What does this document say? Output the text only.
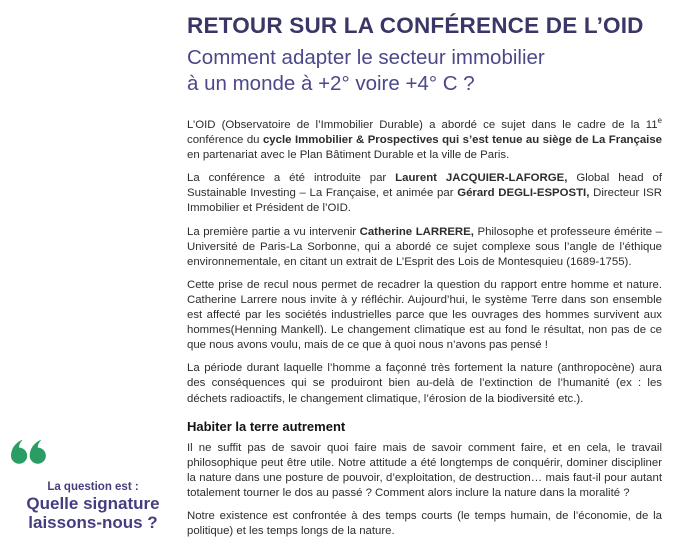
RETOUR SUR LA CONFÉRENCE DE L’OID
Comment adapter le secteur immobilier
à un monde à +2° voire +4° C ?

L’OID (Observatoire de l’Immobilier Durable) a abordé ce sujet dans le cadre de la 11e conférence du cycle Immobilier & Prospectives qui s’est tenue au siège de La Française en partenariat avec le Plan Bâtiment Durable et la ville de Paris.

La conférence a été introduite par Laurent JACQUIER-LAFORGE, Global head of Sustainable Investing – La Française, et animée par Gérard DEGLI-ESPOSTI, Directeur ISR Immobilier et Président de l’OID.

La première partie a vu intervenir Catherine LARRERE, Philosophe et professeure émérite – Université de Paris-La Sorbonne, qui a abordé ce sujet complexe sous l’angle de l’éthique environnementale, en citant un extrait de L’Esprit des Lois de Montesquieu (1689-1755).

Cette prise de recul nous permet de recadrer la question du rapport entre homme et nature. Catherine Larrere nous invite à y réfléchir. Aujourd’hui, le système Terre dans son ensemble est affecté par les sociétés industrielles parce que les ouvrages des hommes survivent aux hommes(Henning Mankell). Le changement climatique est au fond le résultat, non pas de ce que nous avons voulu, mais de ce que à quoi nous n’avons pas pensé !

La période durant laquelle l’homme a façonné très fortement la nature (anthropocène) aura des conséquences qui se produiront bien au-delà de l’extinction de l’humanité (ex : les déchets radioactifs, le changement climatique, l’érosion de la biodiversité etc.).

Habiter la terre autrement

Il ne suffit pas de savoir quoi faire mais de savoir comment faire, et en cela, le travail philosophique peut être utile. Notre attitude a été longtemps de conquérir, dominer discipliner la nature dans une posture de pouvoir, d’exploitation, de destruction… mais faut-il pour autant totalement tourner le dos au passé ? Comment alors inclure la nature dans la moralité ?

Notre existence est confrontée à des temps courts (le temps humain, de l’économie, de la politique) et les temps longs de la nature.

La question est :
Quelle signature
laissons-nous ?
